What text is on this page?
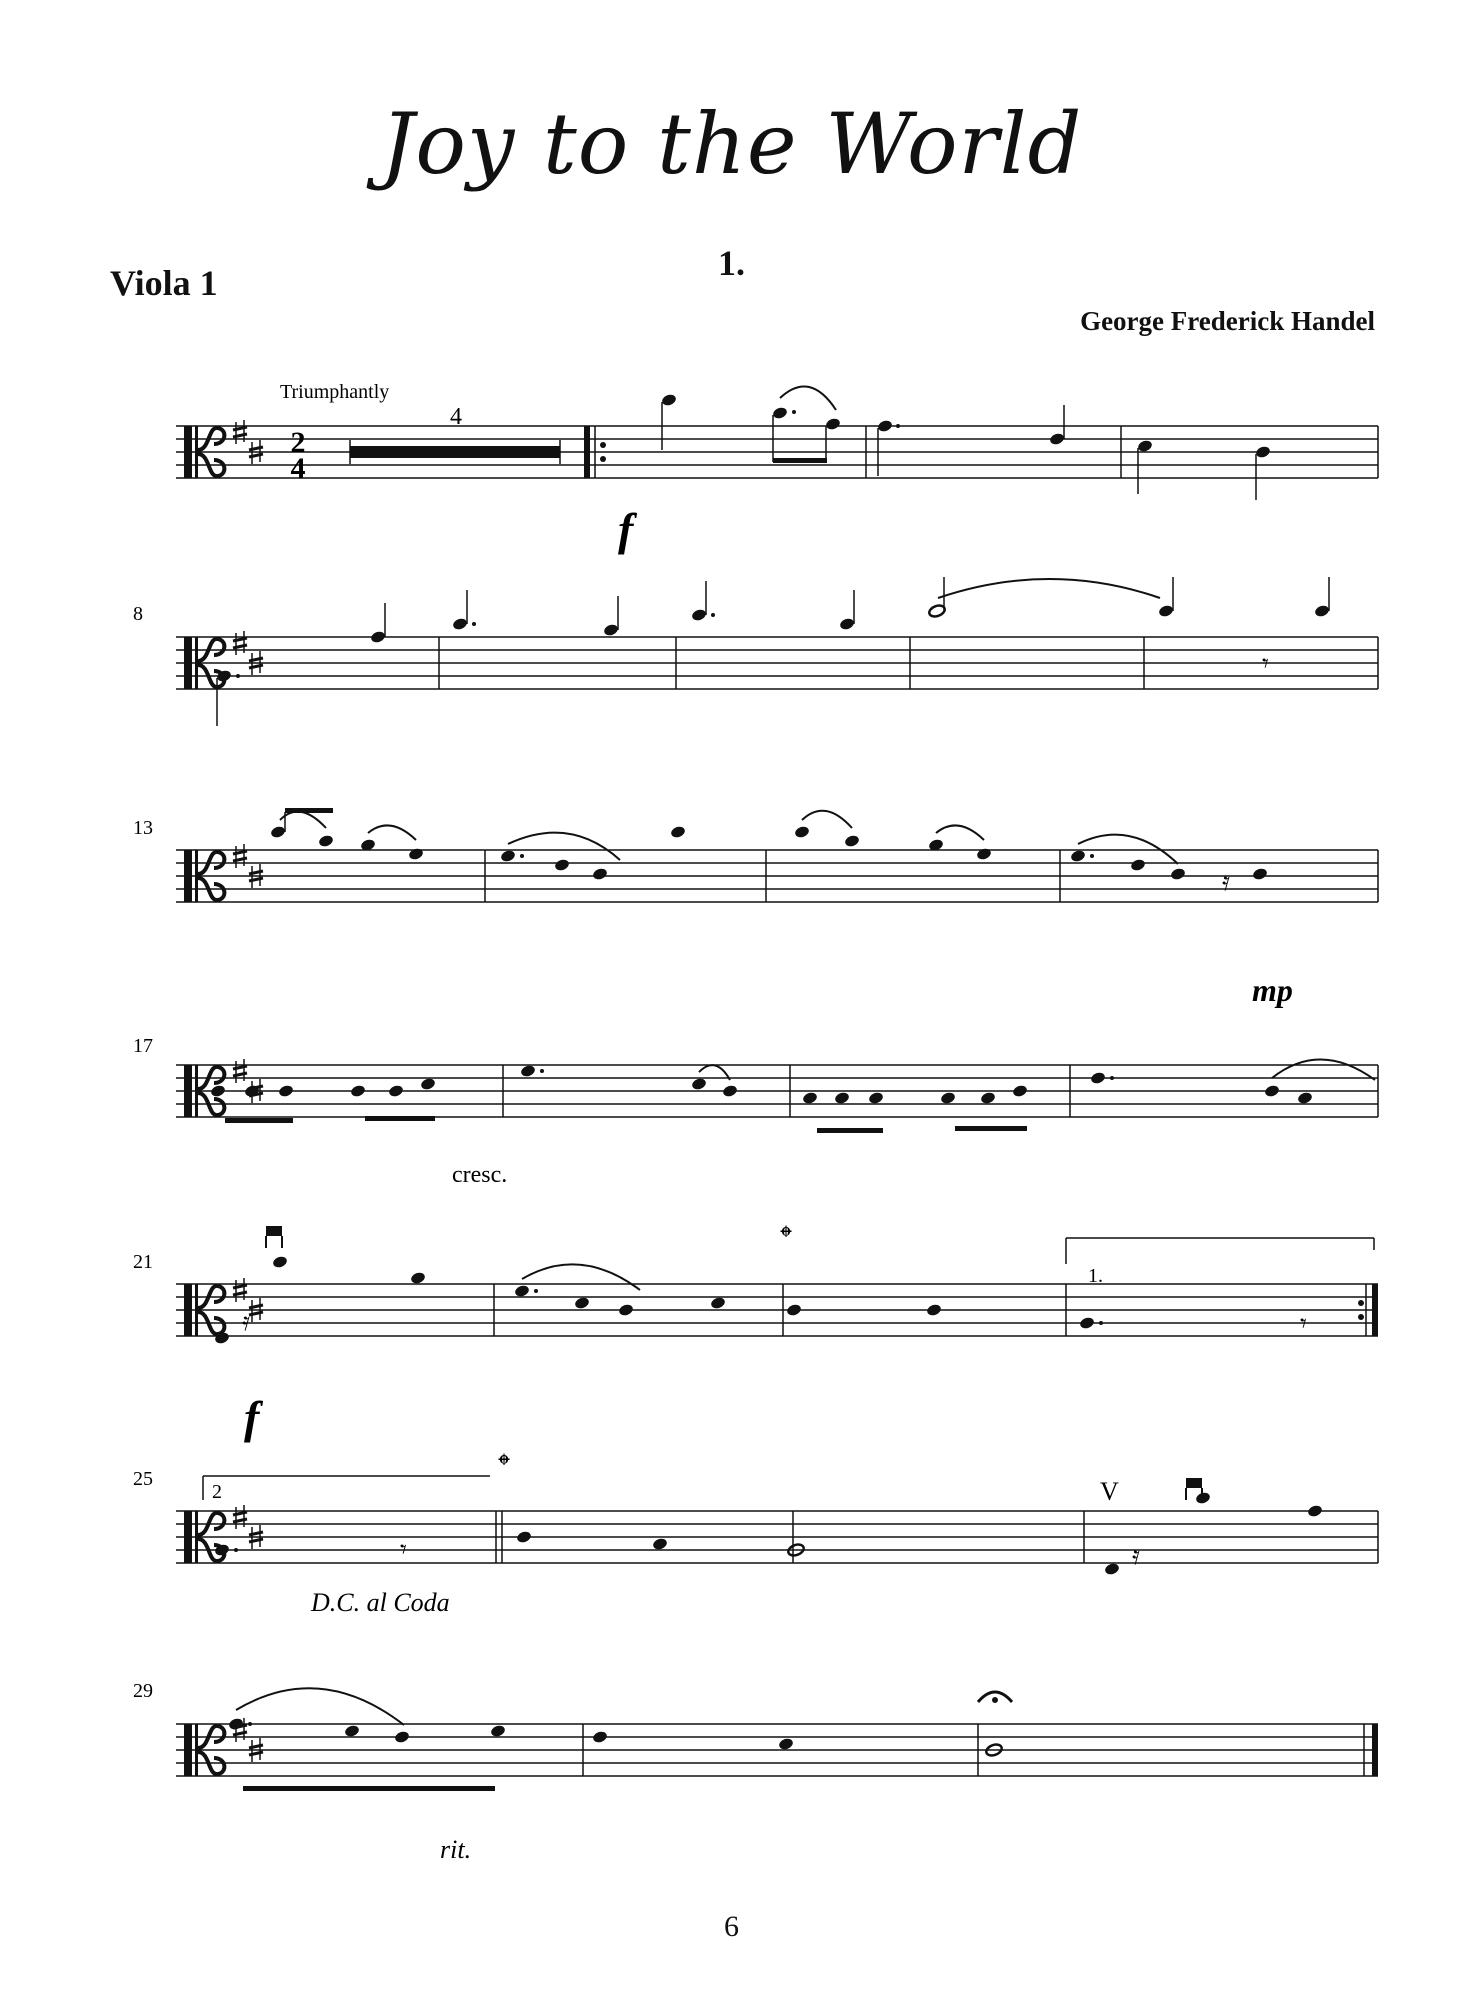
Joy to the World
1.
Viola 1
George Frederick Handel
2
4
Triumphantly
4
f
8
𝄾
13
𝄿
mp
17
cresc.
21
𝄿
𝄌
1.
𝄾
f
25
2
𝄾
D.C. al Coda
𝄌
V
𝄿
29
rit.
6
